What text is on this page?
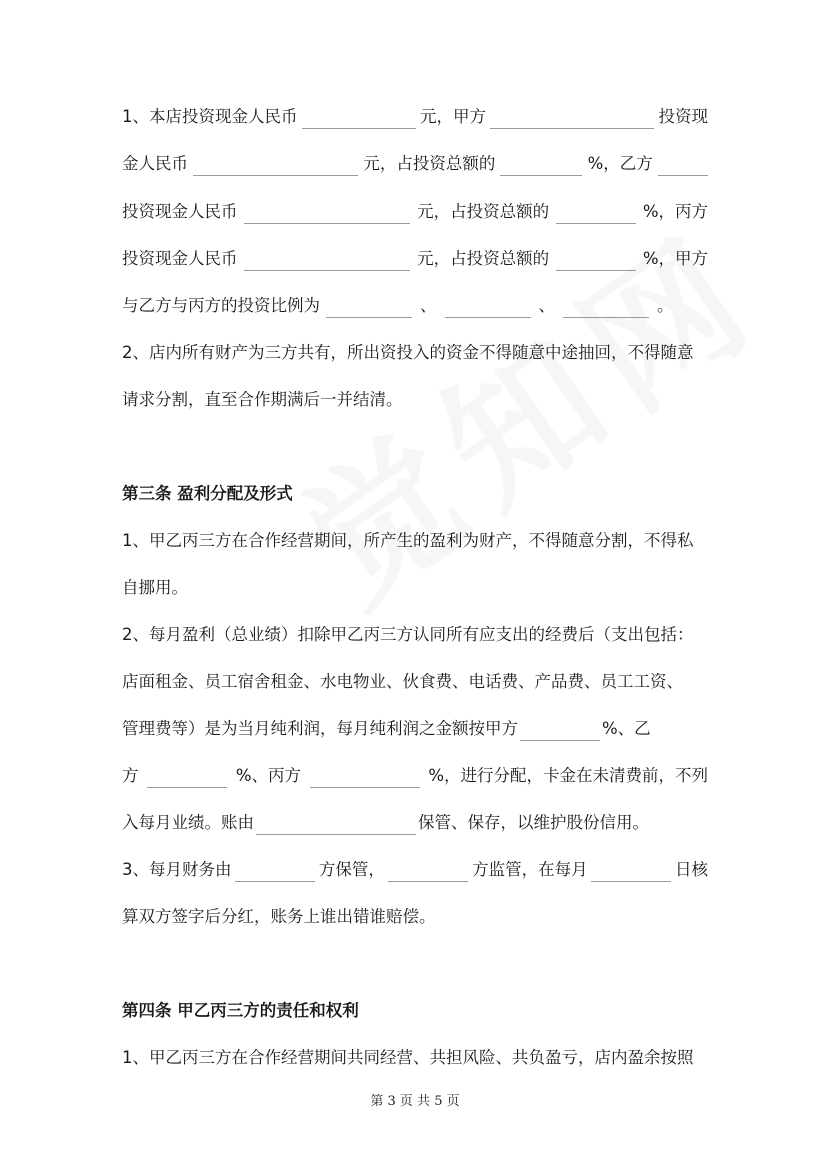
1、本店投资现金人民币	元，甲方	投资现

金人民币	元，占投资总额的	%，乙方

投资现金人民币	元，占投资总额的	%，丙方

投资现金人民币	元，占投资总额的	%，甲方

与乙方与丙方的投资比例为	、	、	。

2、店内所有财产为三方共有，所出资投入的资金不得随意中途抽回，不得随意

请求分割，直至合作期满后一并结清。

第三条 盈利分配及形式

1、甲乙丙三方在合作经营期间，所产生的盈利为财产，不得随意分割，不得私

自挪用。

2、每月盈利（总业绩）扣除甲乙丙三方认同所有应支出的经费后（支出包括：

店面租金、员工宿舍租金、水电物业、伙食费、电话费、产品费、员工工资、

管理费等）是为当月纯利润，每月纯利润之金额按甲方	%、乙

方	%、丙方	%，进行分配，卡金在未清费前，不列

入每月业绩。账由	保管、保存，以维护股份信用。

3、每月财务由	方保管，	方监管，在每月	日核

算双方签字后分红，账务上谁出错谁赔偿。

第四条 甲乙丙三方的责任和权利

1、甲乙丙三方在合作经营期间共同经营、共担风险、共负盈亏，店内盈余按照

第 3 页 共 5 页
